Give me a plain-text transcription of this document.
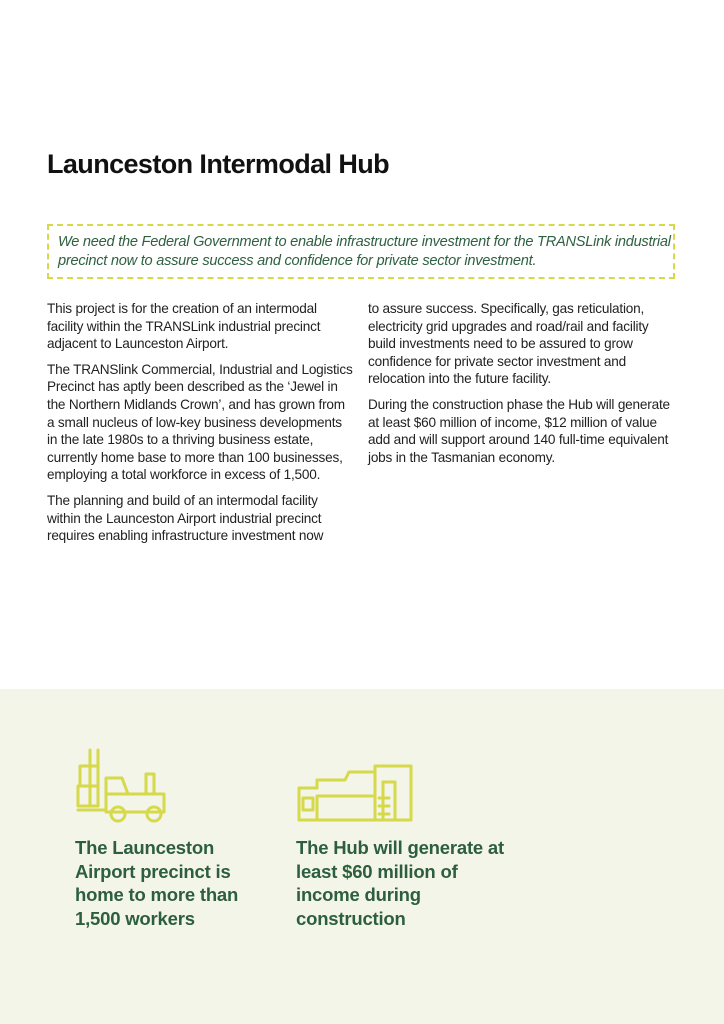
Launceston Intermodal Hub
We need the Federal Government to enable infrastructure investment for the TRANSLink industrial precinct now to assure success and confidence for private sector investment.

This project is for the creation of an intermodal facility within the TRANSLink industrial precinct adjacent to Launceston Airport.

The TRANSlink Commercial, Industrial and Logistics Precinct has aptly been described as the ‘Jewel in the Northern Midlands Crown’, and has grown from a small nucleus of low-key business developments in the late 1980s to a thriving business estate, currently home base to more than 100 businesses, employing a total workforce in excess of 1,500.

The planning and build of an intermodal facility within the Launceston Airport industrial precinct requires enabling infrastructure investment now

to assure success. Specifically, gas reticulation, electricity grid upgrades and road/rail and facility build investments need to be assured to grow confidence for private sector investment and relocation into the future facility.

During the construction phase the Hub will generate at least $60 million of income, $12 million of value add and will support around 140 full-time equivalent jobs in the Tasmanian economy.

The Launceston Airport precinct is home to more than 1,500 workers
The Hub will generate at least $60 million of income during construction
